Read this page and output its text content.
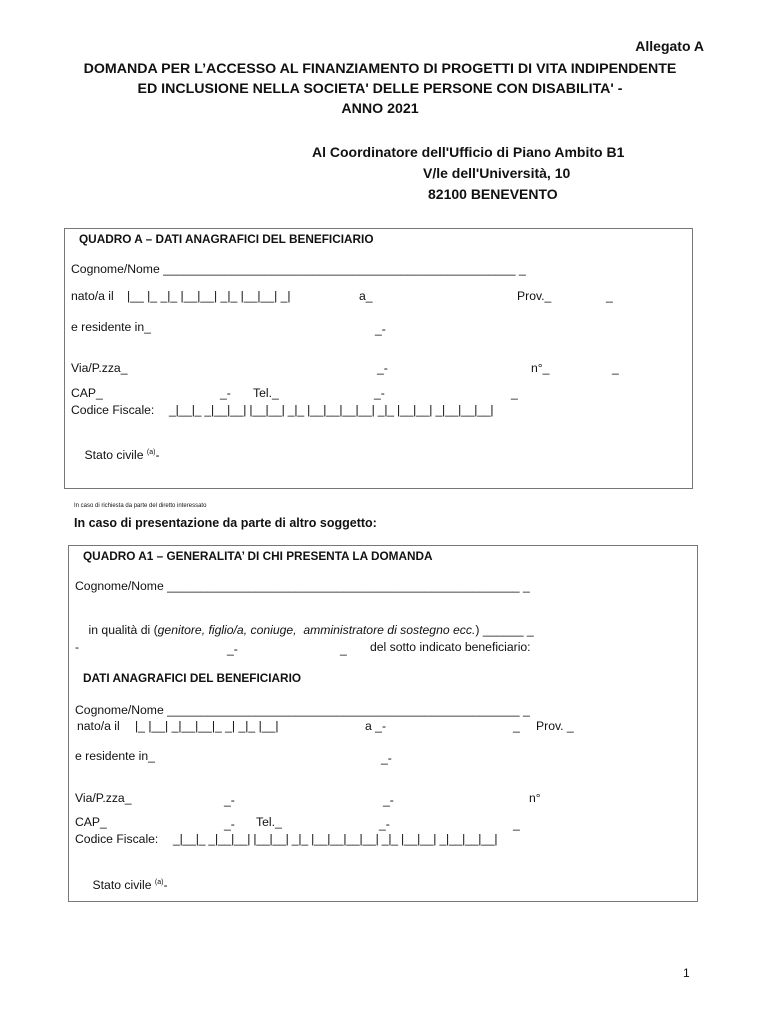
Allegato A
DOMANDA PER L’ACCESSO AL FINANZIAMENTO DI PROGETTI DI VITA INDIPENDENTE
ED INCLUSIONE NELLA SOCIETA' DELLE PERSONE CON DISABILITA' -
ANNO 2021
Al Coordinatore dell'Ufficio di Piano Ambito B1
V/le dell'Università, 10
82100 BENEVENTO
QUADRO A – DATI ANAGRAFICI DEL BENEFICIARIO
Cognome/Nome ____________________________________________________ _
nato/a il |__ |_ _|_ |__|__| _|_ |__|__| _|	a_	Prov._	_
e residente in_	_-
Via/P.zza_	_-	n°_	_
CAP_	_- Tel._	_-	_
Codice Fiscale: _|__|_ _|__|__| |__|__| _|_ |__|__|__|__| _|_ |__|__| _|__|__|__|

Stato civile $^{(a)}$-

In caso di richiesta da parte del diretto interessato
In caso di presentazione da parte di altro soggetto:
QUADRO A1 – GENERALITA’ DI CHI PRESENTA LA DOMANDA
Cognome/Nome ____________________________________________________ _

in qualità di (genitore, figlio/a, coniuge,  amministratore di sostegno ecc.) ______ _

-	_-	_ del sotto indicato beneficiario:
DATI ANAGRAFICI DEL BENEFICIARIO
Cognome/Nome ____________________________________________________ _
nato/a il |_ |__| _|__|__|_ _| _|_ |__|	a _-	_ Prov. _
e residente in_	_-
Via/P.zza_	_-	_-	n°
CAP_	_- Tel._	_-	_
Codice Fiscale: _|__|_ _|__|__| |__|__| _|_ |__|__|__|__| _|_ |__|__| _|__|__|__|

Stato civile $^{(a)}$-

1
